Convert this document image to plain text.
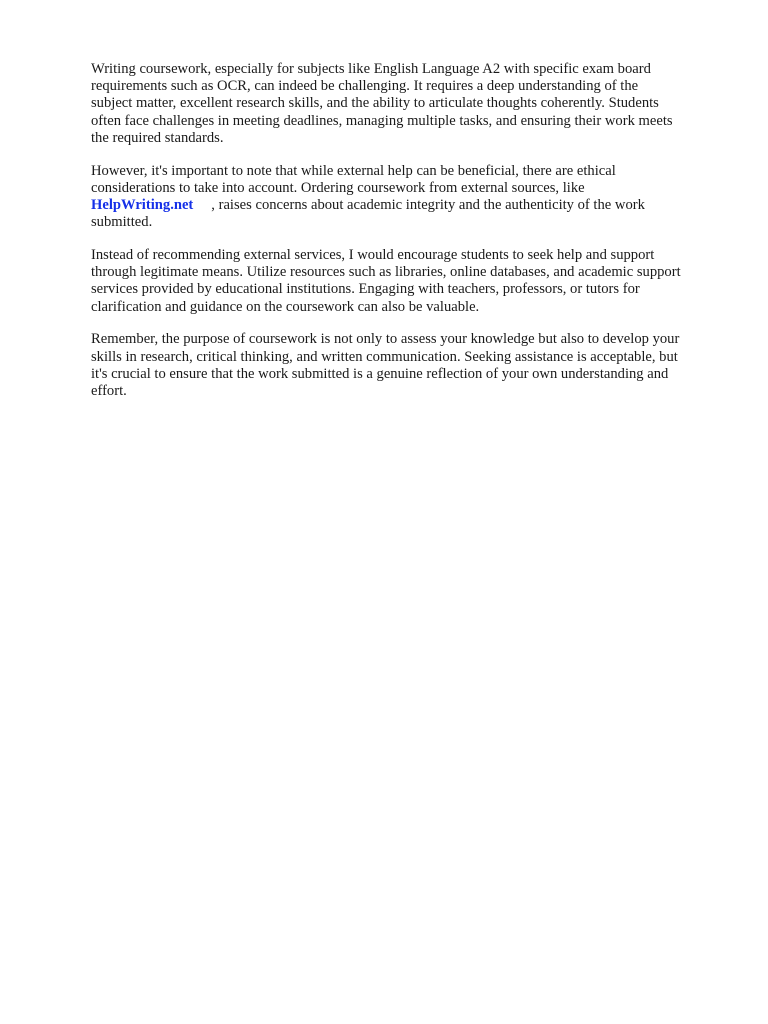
Writing coursework, especially for subjects like English Language A2 with specific exam board
requirements such as OCR, can indeed be challenging. It requires a deep understanding of the
subject matter, excellent research skills, and the ability to articulate thoughts coherently. Students
often face challenges in meeting deadlines, managing multiple tasks, and ensuring their work meets
the required standards.

However, it's important to note that while external help can be beneficial, there are ethical
considerations to take into account. Ordering coursework from external sources, like
HelpWriting.net , raises concerns about academic integrity and the authenticity of the work
submitted.

Instead of recommending external services, I would encourage students to seek help and support
through legitimate means. Utilize resources such as libraries, online databases, and academic support
services provided by educational institutions. Engaging with teachers, professors, or tutors for
clarification and guidance on the coursework can also be valuable.

Remember, the purpose of coursework is not only to assess your knowledge but also to develop your
skills in research, critical thinking, and written communication. Seeking assistance is acceptable, but
it's crucial to ensure that the work submitted is a genuine reflection of your own understanding and
effort.
